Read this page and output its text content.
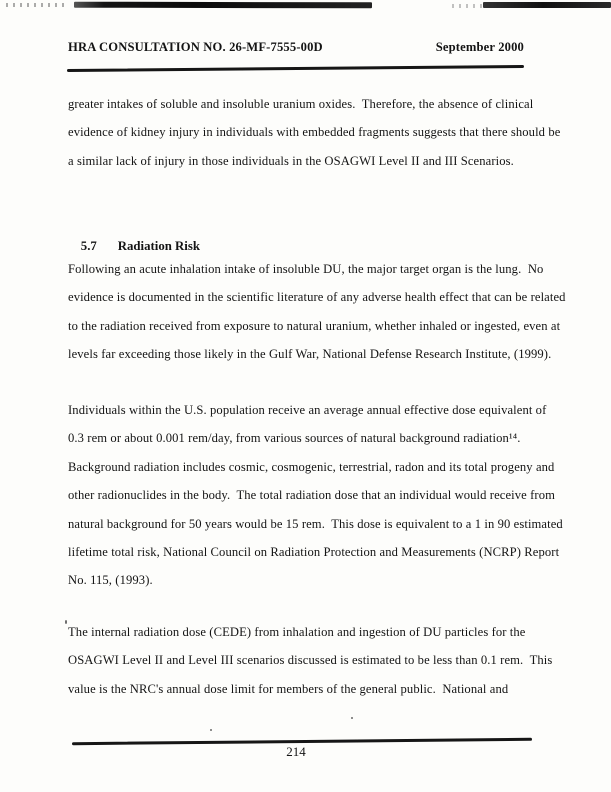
HRA CONSULTATION NO. 26-MF-7555-00D	September 2000
greater intakes of soluble and insoluble uranium oxides.  Therefore, the absence of clinical
evidence of kidney injury in individuals with embedded fragments suggests that there should be
a similar lack of injury in those individuals in the OSAGWI Level II and III Scenarios.

5.7 Radiation Risk

Following an acute inhalation intake of insoluble DU, the major target organ is the lung.  No
evidence is documented in the scientific literature of any adverse health effect that can be related
to the radiation received from exposure to natural uranium, whether inhaled or ingested, even at
levels far exceeding those likely in the Gulf War, National Defense Research Institute, (1999).
Individuals within the U.S. population receive an average annual effective dose equivalent of
0.3 rem or about 0.001 rem/day, from various sources of natural background radiation¹⁴.
Background radiation includes cosmic, cosmogenic, terrestrial, radon and its total progeny and
other radionuclides in the body.  The total radiation dose that an individual would receive from
natural background for 50 years would be 15 rem.  This dose is equivalent to a 1 in 90 estimated
lifetime total risk, National Council on Radiation Protection and Measurements (NCRP) Report
No. 115, (1993).
The internal radiation dose (CEDE) from inhalation and ingestion of DU particles for the
OSAGWI Level II and Level III scenarios discussed is estimated to be less than 0.1 rem.  This
value is the NRC's annual dose limit for members of the general public.  National and
214
